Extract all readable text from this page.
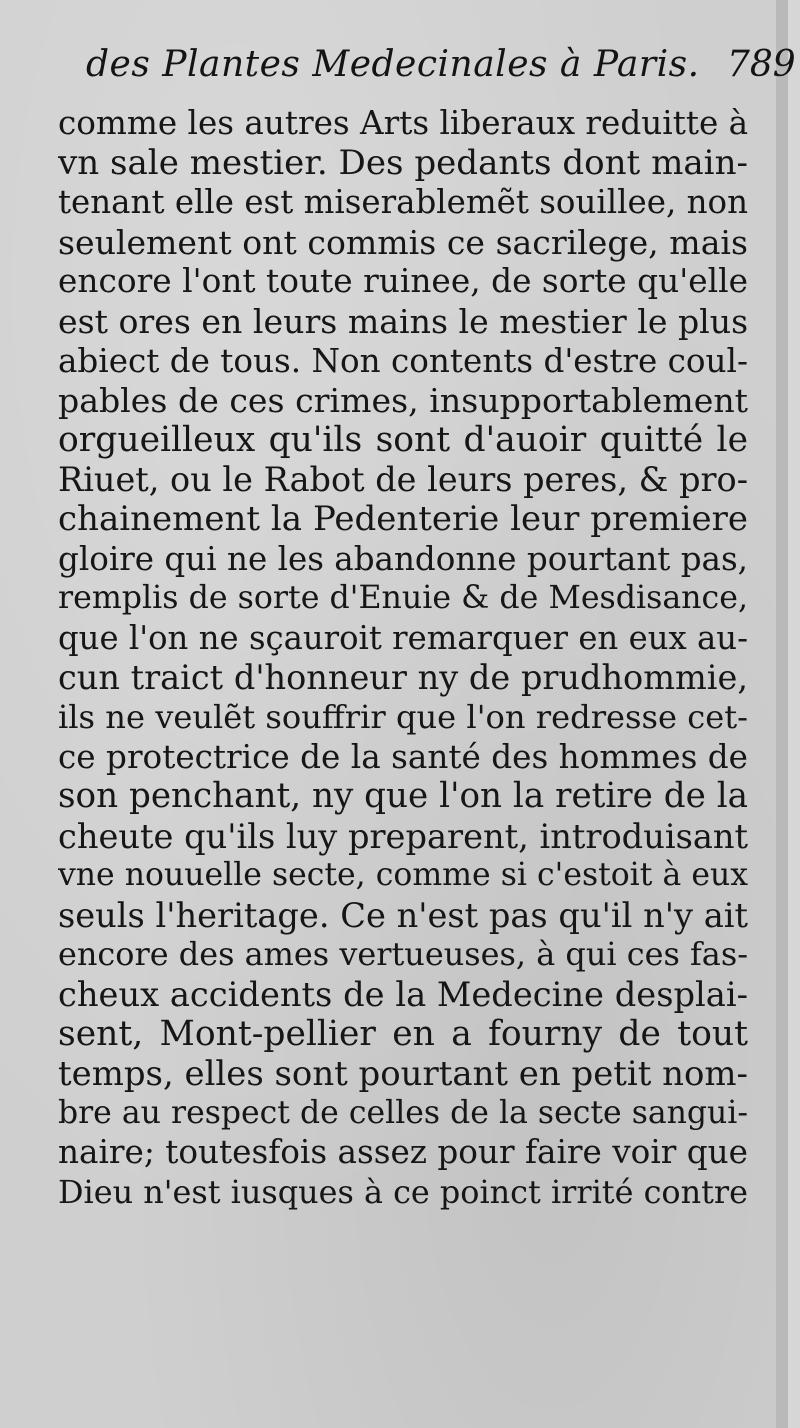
des Plantes Medecinales à Paris. 789
comme les autres Arts liberaux reduitte à
vn sale mestier. Des pedants dont main-
tenant elle est miserablemẽt souillee, non
seulement ont commis ce sacrilege, mais
encore l'ont toute ruinee, de sorte qu'elle
est ores en leurs mains le mestier le plus
abiect de tous. Non contents d'estre coul-
pables de ces crimes, insupportablement
orgueilleux qu'ils sont d'auoir quitté le
Riuet, ou le Rabot de leurs peres, & pro-
chainement la Pedenterie leur premiere
gloire qui ne les abandonne pourtant pas,
remplis de sorte d'Enuie & de Mesdisance,
que l'on ne sçauroit remarquer en eux au-
cun traict d'honneur ny de prudhommie,
ils ne veulẽt souffrir que l'on redresse cet-
ce protectrice de la santé des hommes de
son penchant, ny que l'on la retire de la
cheute qu'ils luy preparent, introduisant
vne nouuelle secte, comme si c'estoit à eux
seuls l'heritage. Ce n'est pas qu'il n'y ait
encore des ames vertueuses, à qui ces fas-
cheux accidents de la Medecine desplai-
sent, Mont-pellier en a fourny de tout
temps, elles sont pourtant en petit nom-
bre au respect de celles de la secte sangui-
naire; toutesfois assez pour faire voir que
Dieu n'est iusques à ce poinct irrité contre
